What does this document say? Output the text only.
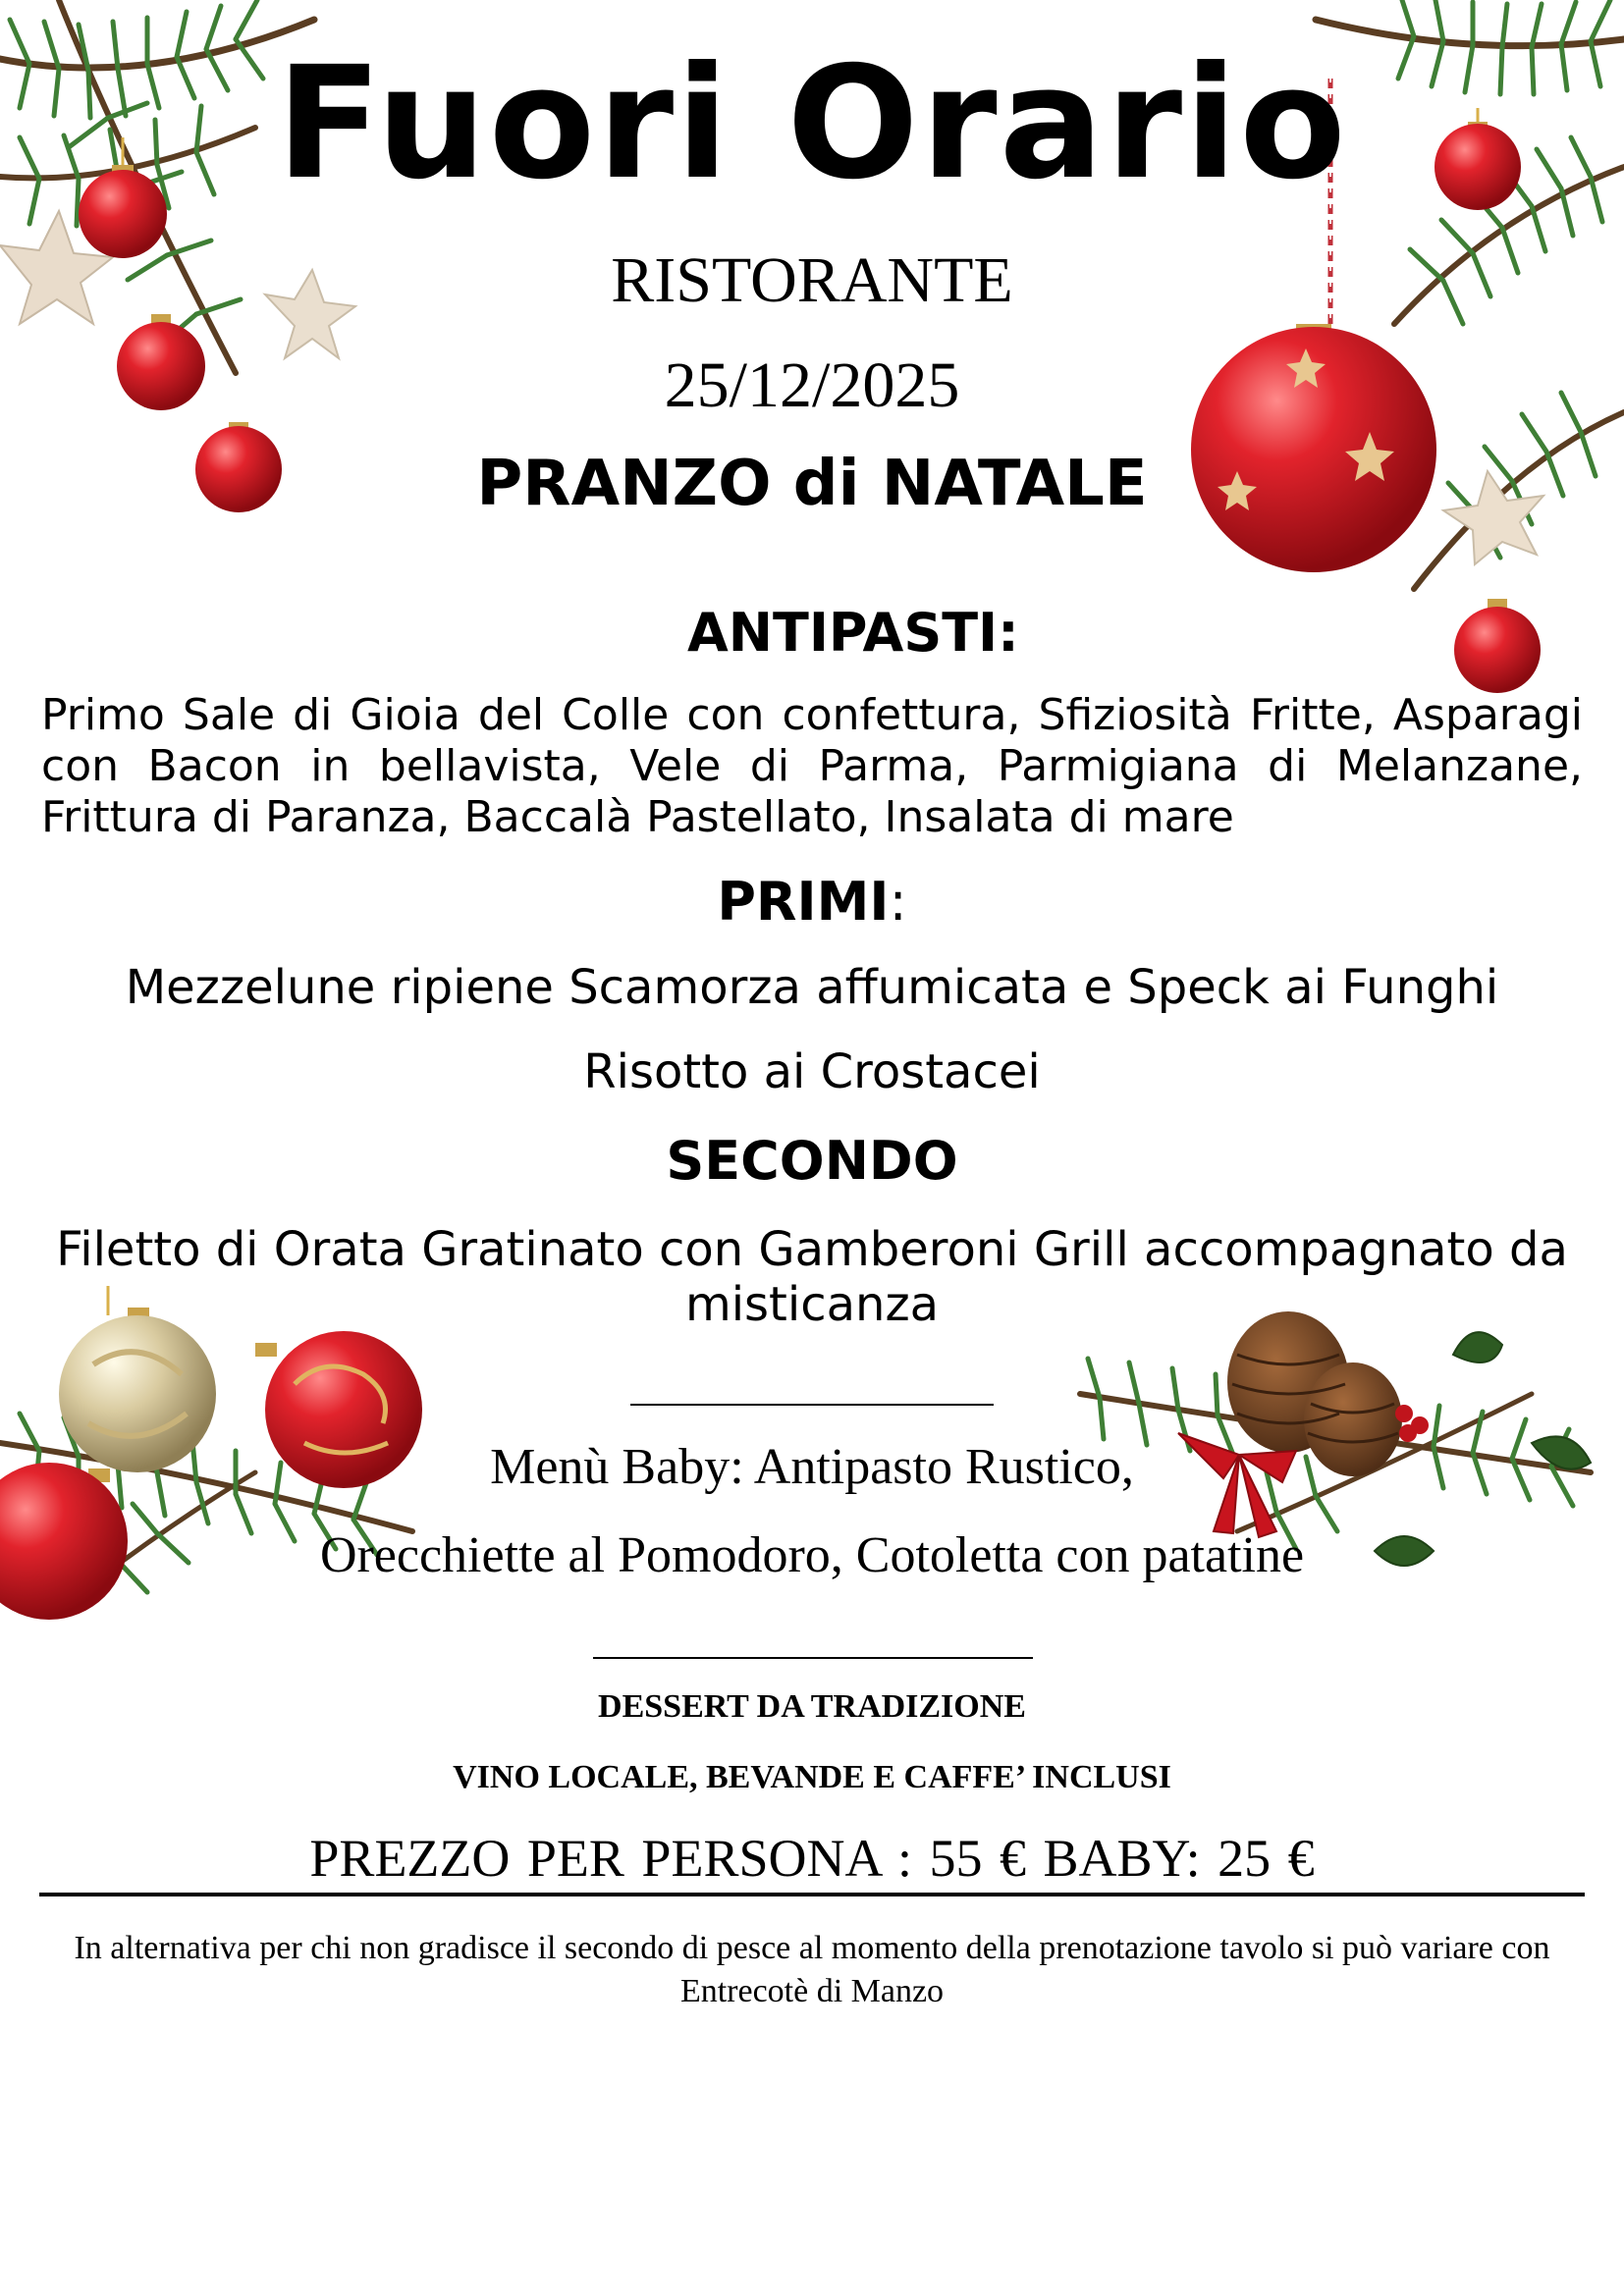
Fuori Orario
RISTORANTE
25/12/2025
PRANZO di NATALE
ANTIPASTI:
Primo Sale di Gioia del Colle con confettura, Sfiziosità Fritte, Asparagi con Bacon in bellavista, Vele di Parma, Parmigiana di Melanzane, Frittura di Paranza, Baccalà Pastellato, Insalata di mare
PRIMI:
Mezzelune ripiene Scamorza affumicata e Speck ai Funghi
Risotto ai Crostacei
SECONDO
Filetto di Orata Gratinato con Gamberoni Grill accompagnato da misticanza
Menù Baby: Antipasto Rustico,
Orecchiette al Pomodoro, Cotoletta con patatine
DESSERT DA TRADIZIONE
VINO LOCALE, BEVANDE E CAFFE’ INCLUSI
PREZZO PER PERSONA : 55 € BABY: 25 €
In alternativa per chi non gradisce il secondo di pesce al momento della prenotazione tavolo si può variare con Entrecotè di Manzo
